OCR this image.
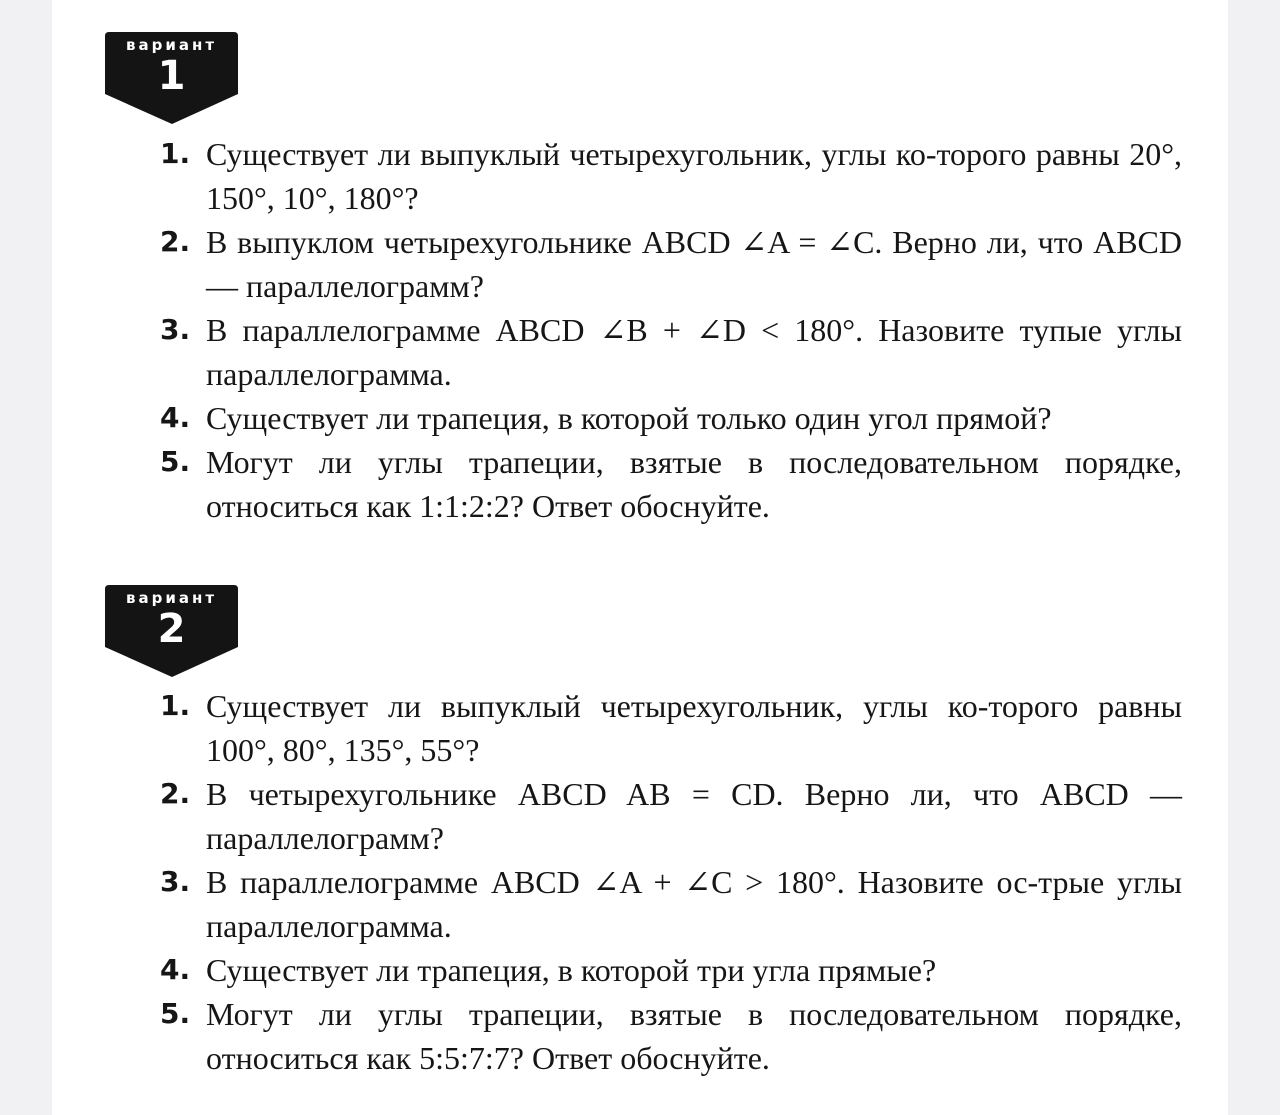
вариант
1
1. Существует ли выпуклый четырехугольник, углы ко-торого равны 20°, 150°, 10°, 180°?
2. В выпуклом четырехугольнике ABCD ∠A = ∠C. Верно ли, что ABCD — параллелограмм?
3. В параллелограмме ABCD ∠B + ∠D < 180°. Назовите тупые углы параллелограмма.
4. Существует ли трапеция, в которой только один угол прямой?
5. Могут ли углы трапеции, взятые в последовательном порядке, относиться как 1:1:2:2? Ответ обоснуйте.
вариант
2
1. Существует ли выпуклый четырехугольник, углы ко-торого равны 100°, 80°, 135°, 55°?
2. В четырехугольнике ABCD AB = CD. Верно ли, что ABCD — параллелограмм?
3. В параллелограмме ABCD ∠A + ∠C > 180°. Назовите ос-трые углы параллелограмма.
4. Существует ли трапеция, в которой три угла прямые?
5. Могут ли углы трапеции, взятые в последовательном порядке, относиться как 5:5:7:7? Ответ обоснуйте.
